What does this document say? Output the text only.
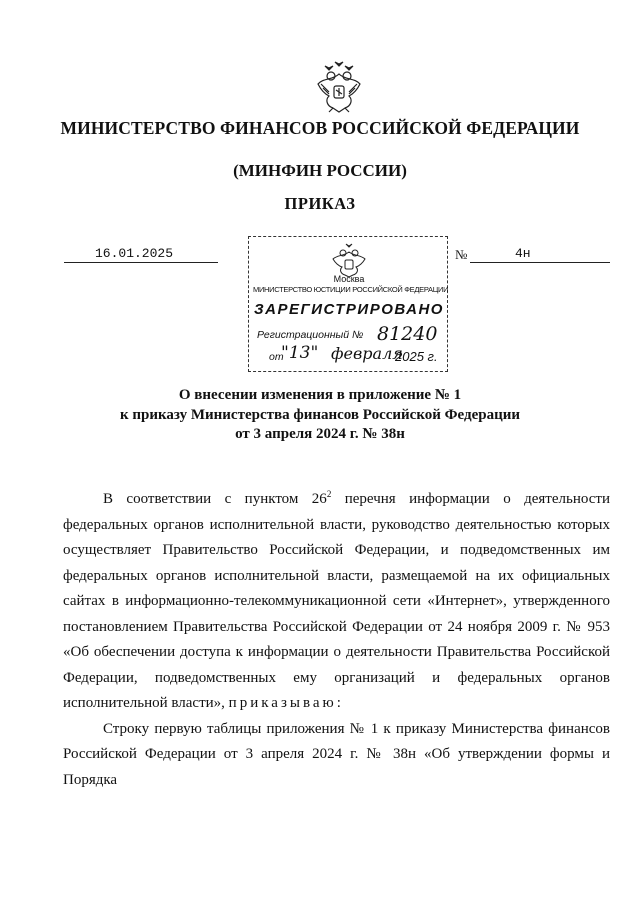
МИНИСТЕРСТВО ФИНАНСОВ РОССИЙСКОЙ ФЕДЕРАЦИИ
(МИНФИН РОССИИ)
ПРИКАЗ
16.01.2025	№	4н
Москва
МИНИСТЕРСТВО ЮСТИЦИИ РОССИЙСКОЙ ФЕДЕРАЦИИ
ЗАРЕГИСТРИРОВАНО
Регистрационный № 81240
от
"13" февраля
2025 г.
О внесении изменения в приложение № 1
к приказу Министерства финансов Российской Федерации
от 3 апреля 2024 г. № 38н

В соответствии с пунктом $26^2$ перечня информации о деятельности федеральных органов исполнительной власти, руководство деятельностью которых осуществляет Правительство Российской Федерации, и подведомственных им федеральных органов исполнительной власти, размещаемой на их официальных сайтах в информационно-телекоммуникационной сети «Интернет», утвержденного постановлением Правительства Российской Федерации от 24 ноября 2009 г. № 953 «Об обеспечении доступа к информации о деятельности Правительства Российской Федерации, подведомственных ему организаций и федеральных органов исполнительной власти», приказываю:

Строку первую таблицы приложения № 1 к приказу Министерства финансов Российской Федерации от 3 апреля 2024 г. № 38н «Об утверждении формы и Порядка
